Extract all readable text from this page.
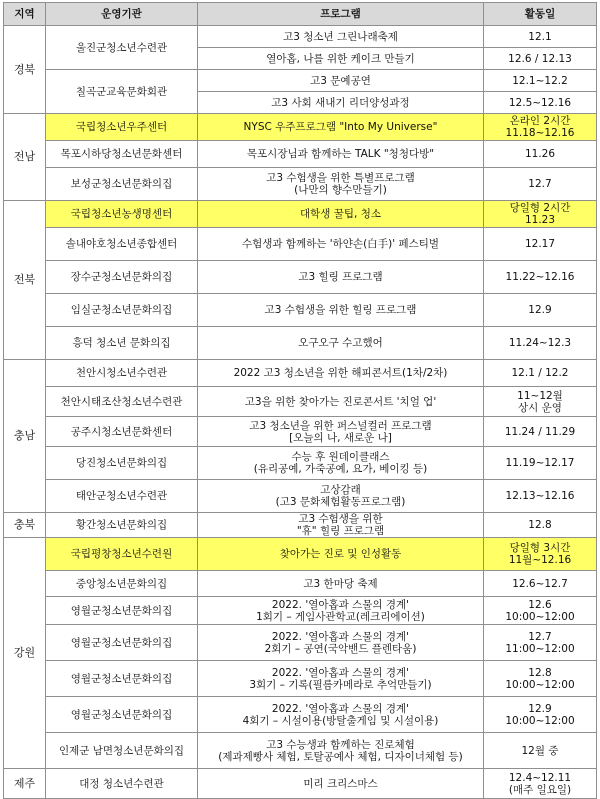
지역	운영기관	프로그램	활동일
경북	울진군청소년수련관	고3 청소년 그린나래축제	12.1

		열아홉, 나를 위한 케이크 만들기	12.6 / 12.13

	칠곡군교육문화회관	고3 문예공연	12.1~12.2

		고3 사회 새내기 리더양성과정	12.5~12.16

전남	국립청소년우주센터	NYSC 우주프로그램 "Into My Universe"	온라인 2시간
11.18~12.16

	목포시하당청소년문화센터	목포시장님과 함께하는 TALK "청청다방"	11.26

	보성군청소년문화의집	고3 수험생을 위한 특별프로그램
(나만의 향수만들기)	12.7

전북	국립청소년농생명센터	대학생 꿀팁, 청소	당일형 2시간
11.23

	솔내야호청소년종합센터	수험생과 함께하는 '하얀손(白手)' 페스티벌	12.17

	장수군청소년문화의집	고3 힐링 프로그램	11.22~12.16

	임실군청소년문화의집	고3 수험생을 위한 힐링 프로그램	12.9

	흥덕 청소년 문화의집	오구오구 수고했어	11.24~12.3

충남	천안시청소년수련관	2022 고3 청소년을 위한 해피콘서트(1차/2차)	12.1 / 12.2

	천안시태조산청소년수련관	고3을 위한 찾아가는 진로콘서트 '치얼 업'	11~12월
상시 운영

	공주시청소년문화센터	고3 청소년을 위한 퍼스널컬러 프로그램
[오늘의 나, 새로운 나]	11.24 / 11.29

	당진청소년문화의집	수능 후 원데이클래스
(유리공예, 가죽공예, 요가, 베이킹 등)	11.19~12.17

	태안군청소년수련관	고상감래
(고3 문화체험활동프로그램)	12.13~12.16

충북	황간청소년문화의집	고3 수험생을 위한
"휴" 힐링 프로그램	12.8

강원	국립평창청소년수련원	찾아가는 진로 및 인성활동	당일형 3시간
11월~12.16

	중앙청소년문화의집	고3 한마당 축제	12.6~12.7

	영월군청소년문화의집	2022. '열아홉과 스물의 경계'
1회기 – 게임사관학교(레크리에이션)	12.6
10:00~12:00

	영월군청소년문화의집	2022. '열아홉과 스물의 경계'
2회기 – 공연(국악밴드 플렌타움)	12.7
11:00~12:00

	영월군청소년문화의집	2022. '열아홉과 스물의 경계'
3회기 – 기록(필름카메라로 추억만들기)	12.8
10:00~12:00

	영월군청소년문화의집	2022. '열아홉과 스물의 경계'
4회기 – 시설이용(방탈출게임 및 시설이용)	12.9
10:00~12:00

	인제군 남면청소년문화의집	고3 수능생과 함께하는 진로체험
(제과제빵사 체험, 토탈공예사 체험, 디자이너체험 등)	12월 중

제주	대정 청소년수련관	미리 크리스마스	12.4~12.11
(매주 일요일)
